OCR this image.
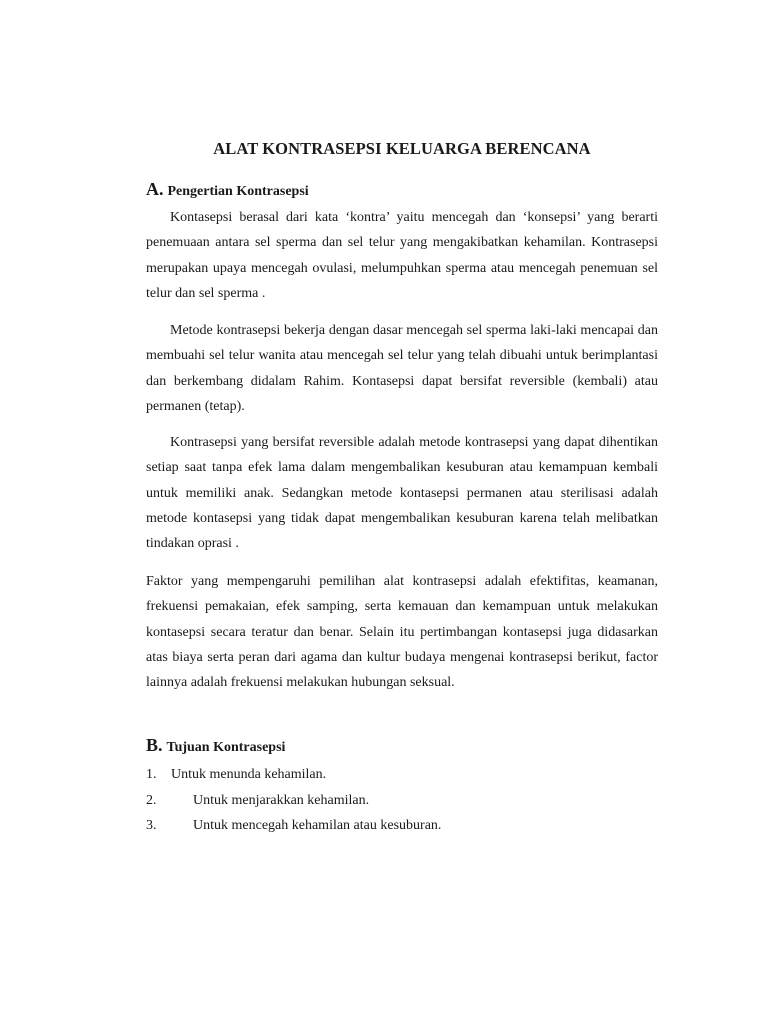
ALAT KONTRASEPSI KELUARGA BERENCANA
A. Pengertian Kontrasepsi

Kontasepsi berasal dari kata ‘kontra’ yaitu mencegah dan ‘konsepsi’ yang berarti penemuaan antara sel sperma dan sel telur yang mengakibatkan kehamilan. Kontrasepsi merupakan upaya mencegah ovulasi, melumpuhkan sperma atau mencegah penemuan sel telur dan sel sperma .

Metode kontrasepsi bekerja dengan dasar mencegah sel sperma laki-laki mencapai dan membuahi sel telur wanita atau mencegah sel telur yang telah dibuahi untuk berimplantasi dan berkembang didalam Rahim. Kontasepsi dapat bersifat reversible (kembali) atau permanen (tetap).

Kontrasepsi yang bersifat reversible adalah metode kontrasepsi yang dapat dihentikan setiap saat tanpa efek lama dalam mengembalikan kesuburan atau kemampuan kembali untuk memiliki anak. Sedangkan metode kontasepsi permanen atau sterilisasi adalah metode kontasepsi yang tidak dapat mengembalikan kesuburan karena telah melibatkan tindakan oprasi .

Faktor yang mempengaruhi pemilihan alat kontrasepsi adalah efektifitas, keamanan, frekuensi pemakaian, efek samping, serta kemauan dan kemampuan untuk melakukan kontasepsi secara teratur dan benar. Selain itu pertimbangan kontasepsi juga didasarkan atas biaya serta peran dari agama dan kultur budaya mengenai kontrasepsi berikut, factor lainnya adalah frekuensi melakukan hubungan seksual.

B. Tujuan Kontrasepsi
1. Untuk menunda kehamilan.
2.	Untuk menjarakkan kehamilan.
3.	Untuk mencegah kehamilan atau kesuburan.
